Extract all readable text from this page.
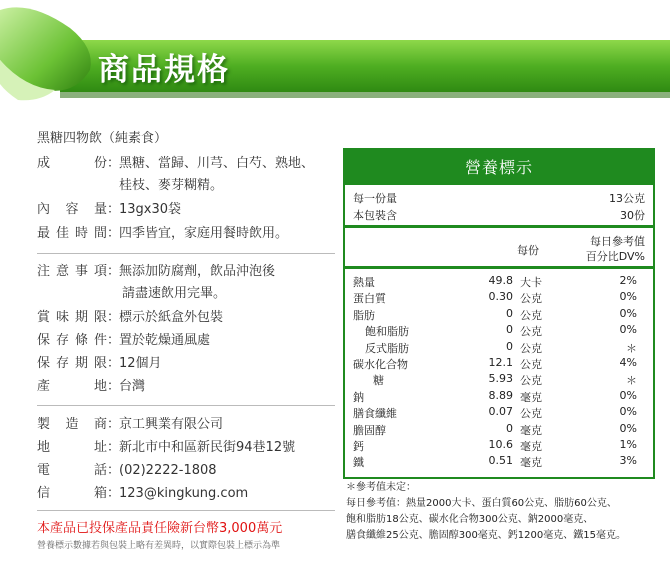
商品規格
黑糖四物飲（純素食）
成份 ：
黑糖、當歸、川芎、白芍、熟地、
桂枝、麥芽糊精。
內容量 ：
13gx30袋
最佳時間 ：
四季皆宜，家庭用餐時飲用。
注意事項 ：
無添加防腐劑，飲品沖泡後
請盡速飲用完畢。
賞味期限 ：
標示於紙盒外包裝
保存條件 ：
置於乾燥通風處
保存期限 ：
12個月
產地 ：
台灣
製造商 ：
京工興業有限公司
地址 ：
新北市中和區新民街94巷12號
電話 ：
(02)2222-1808
信箱 ：
123@kingkung.com
本產品已投保產品責任險新台幣3,000萬元
營養標示數據若與包裝上略有差異時，以實際包裝上標示為準
營養標示
每一份量	13公克
本包裝含	30份
每份
每日參考值
百分比DV%
熱量	49.8 大卡	2%
蛋白質	0.30 公克	0%
脂肪	0 公克	0%
飽和脂肪	0 公克	0%
反式脂肪	0 公克	＊
碳水化合物	12.1 公克	4%
糖	5.93 公克	＊
鈉	8.89 毫克	0%
膳食纖維	0.07 公克	0%
膽固醇	0 毫克	0%
鈣	10.6 毫克	1%
鐵	0.51 毫克	3%
＊參考值未定：
每日參考值：熱量2000大卡、蛋白質60公克、脂肪60公克、
飽和脂肪18公克、碳水化合物300公克、鈉2000毫克、
膳食纖維25公克、膽固醇300毫克、鈣1200毫克、鐵15毫克。
